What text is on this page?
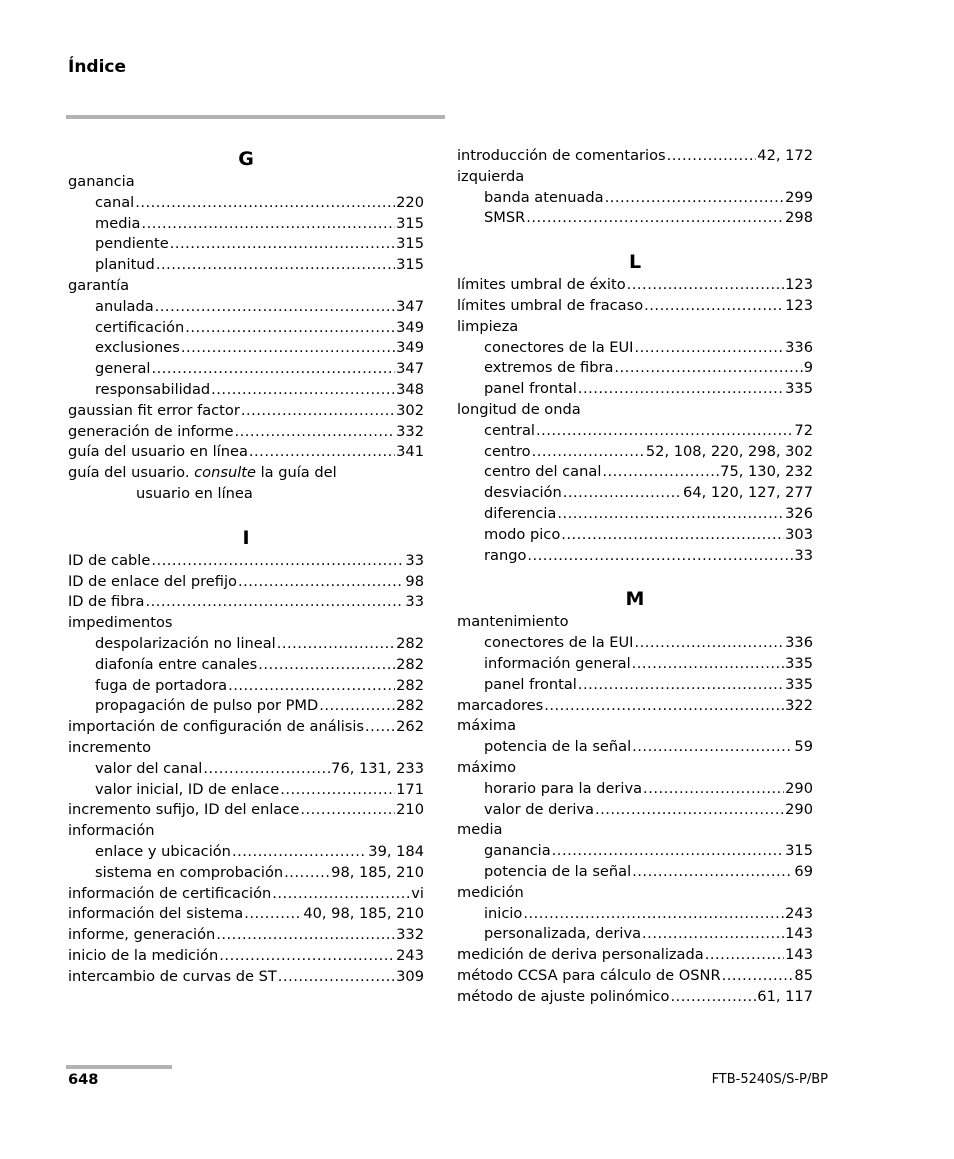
Índice
G
ganancia
canal .....	220
media .....	315
pendiente .....	315
planitud .....	315
garantía
anulada .....	347
certificación .....	349
exclusiones .....	349
general .....	347
responsabilidad .....	348
gaussian fit error factor .....	302
generación de informe .....	332
guía del usuario en línea .....	341
guía del usuario. consulte la guía del
usuario en línea
I
ID de cable .....	33
ID de enlace del prefijo .....	98
ID de fibra .....	33
impedimentos
despolarización no lineal .....	282
diafonía entre canales .....	282
fuga de portadora .....	282
propagación de pulso por PMD .....	282
importación de configuración de análisis ..... 262
incremento
valor del canal .....	76, 131, 233
valor inicial, ID de enlace .....	171
incremento sufijo, ID del enlace .....	210
información
enlace y ubicación .....	39, 184
sistema en comprobación .....	98, 185, 210
información de certificación .....	vi
información del sistema .....	40, 98, 185, 210
informe, generación .....	332
inicio de la medición .....	243
intercambio de curvas de ST .....	309
introducción de comentarios .....	42, 172
izquierda
banda atenuada .....	299
SMSR .....	298
L
límites umbral de éxito .....	123
límites umbral de fracaso .....	123
limpieza
conectores de la EUI .....	336
extremos de fibra .....	9
panel frontal .....	335
longitud de onda
central .....	72
centro .....	52, 108, 220, 298, 302
centro del canal .....	75, 130, 232
desviación .....	64, 120, 127, 277
diferencia .....	326
modo pico .....	303
rango .....	33
M
mantenimiento
conectores de la EUI .....	336
información general .....	335
panel frontal .....	335
marcadores .....	322
máxima
potencia de la señal .....	59
máximo
horario para la deriva .....	290
valor de deriva .....	290
media
ganancia .....	315
potencia de la señal .....	69
medición
inicio .....	243
personalizada, deriva .....	143
medición de deriva personalizada .....	143
método CCSA para cálculo de OSNR .....	85
método de ajuste polinómico .....	61, 117
648	FTB-5240S/S-P/BP
